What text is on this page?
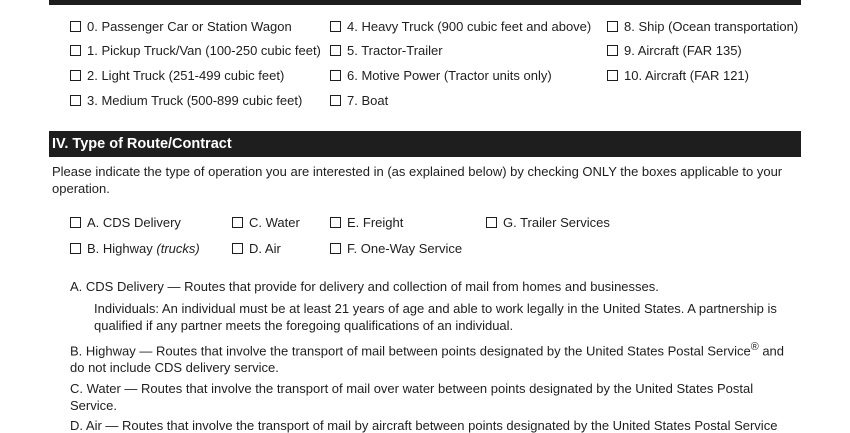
0. Passenger Car or Station Wagon
1. Pickup Truck/Van (100-250 cubic feet)
2. Light Truck (251-499 cubic feet)
3. Medium Truck (500-899 cubic feet)
4. Heavy Truck (900 cubic feet and above)
5. Tractor-Trailer
6. Motive Power (Tractor units only)
7. Boat
8. Ship (Ocean transportation)
9. Aircraft (FAR 135)
10. Aircraft (FAR 121)
IV. Type of Route/Contract
Please indicate the type of operation you are interested in (as explained below) by checking ONLY the boxes applicable to your operation.
A. CDS Delivery
B. Highway (trucks)
C. Water
D. Air
E. Freight
F. One-Way Service
G. Trailer Services
A. CDS Delivery — Routes that provide for delivery and collection of mail from homes and businesses.
Individuals: An individual must be at least 21 years of age and able to work legally in the United States. A partnership is qualified if any partner meets the foregoing qualifications of an individual.
B. Highway — Routes that involve the transport of mail between points designated by the United States Postal Service® and do not include CDS delivery service.
C. Water — Routes that involve the transport of mail over water between points designated by the United States Postal Service.
D. Air — Routes that involve the transport of mail by aircraft between points designated by the United States Postal Service
